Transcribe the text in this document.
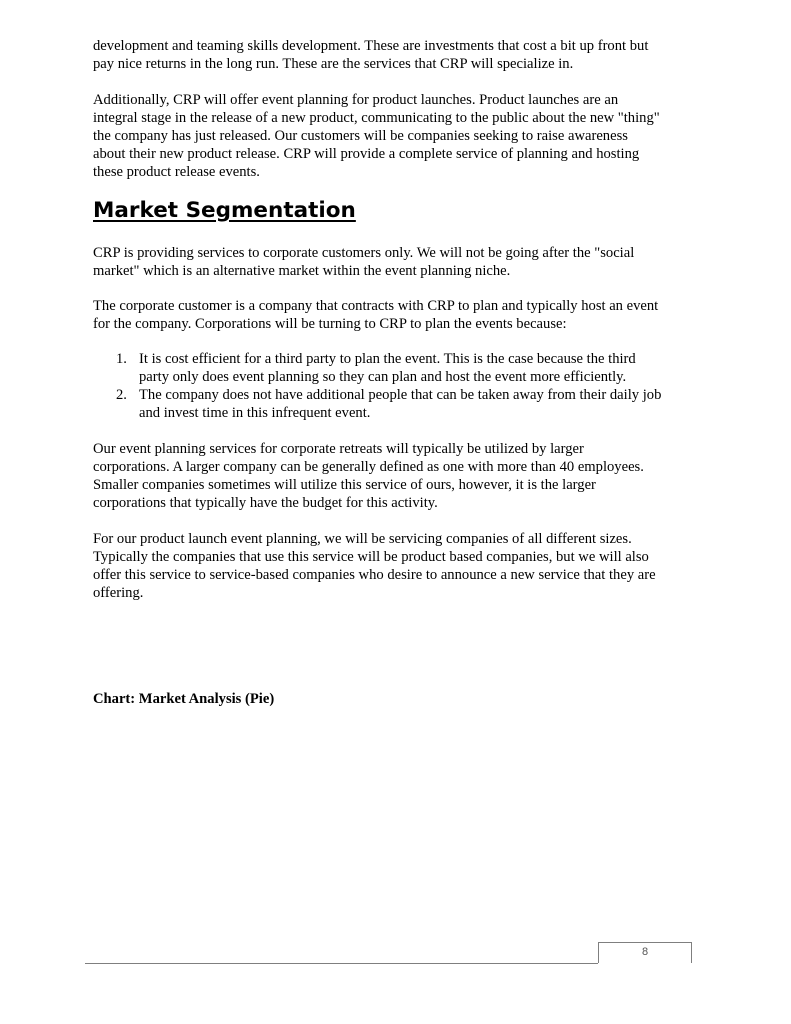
development and teaming skills development. These are investments that cost a bit up front but
pay nice returns in the long run. These are the services that CRP will specialize in.

Additionally, CRP will offer event planning for product launches. Product launches are an
integral stage in the release of a new product, communicating to the public about the new "thing"
the company has just released. Our customers will be companies seeking to raise awareness
about their new product release. CRP will provide a complete service of planning and hosting
these product release events.

Market Segmentation

CRP is providing services to corporate customers only. We will not be going after the "social
market" which is an alternative market within the event planning niche.

The corporate customer is a company that contracts with CRP to plan and typically host an event
for the company. Corporations will be turning to CRP to plan the events because:

1. It is cost efficient for a third party to plan the event. This is the case because the third
party only does event planning so they can plan and host the event more efficiently.
2. The company does not have additional people that can be taken away from their daily job
and invest time in this infrequent event.

Our event planning services for corporate retreats will typically be utilized by larger
corporations. A larger company can be generally defined as one with more than 40 employees.
Smaller companies sometimes will utilize this service of ours, however, it is the larger
corporations that typically have the budget for this activity.

For our product launch event planning, we will be servicing companies of all different sizes.
Typically the companies that use this service will be product based companies, but we will also
offer this service to service-based companies who desire to announce a new service that they are
offering.

Chart: Market Analysis (Pie)

8
